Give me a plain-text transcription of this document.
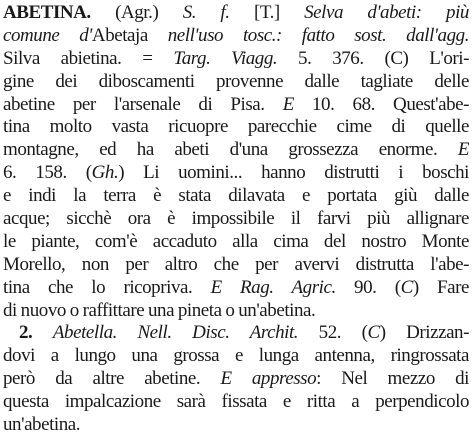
ABETINA. (Agr.) S. f. [T.] Selva d'abeti: più
comune d'Abetaja nell'uso tosc.: fatto sost. dall'agg.
Silva abietina. = Targ. Viagg. 5. 376. (C) L'ori-
gine dei diboscamenti provenne dalle tagliate delle
abetine per l'arsenale di Pisa. E 10. 68. Quest'abe-
tina molto vasta ricuopre parecchie cime di quelle
montagne, ed ha abeti d'una grossezza enorme. E
6. 158. (Gh.) Li uomini... hanno distrutti i boschi
e indi la terra è stata dilavata e portata giù dalle
acque; sicchè ora è impossibile il farvi più allignare
le piante, com'è accaduto alla cima del nostro Monte
Morello, non per altro che per avervi distrutta l'abe-
tina che lo ricopriva. E Rag. Agric. 90. (C) Fare
di nuovo o raffittare una pineta o un'abetina.
2. Abetella. Nell. Disc. Archit. 52. (C) Drizzan-
dovi a lungo una grossa e lunga antenna, ringrossata
però da altre abetine. E appresso: Nel mezzo di
questa impalcazione sarà fissata e ritta a perpendicolo
un'abetina.
